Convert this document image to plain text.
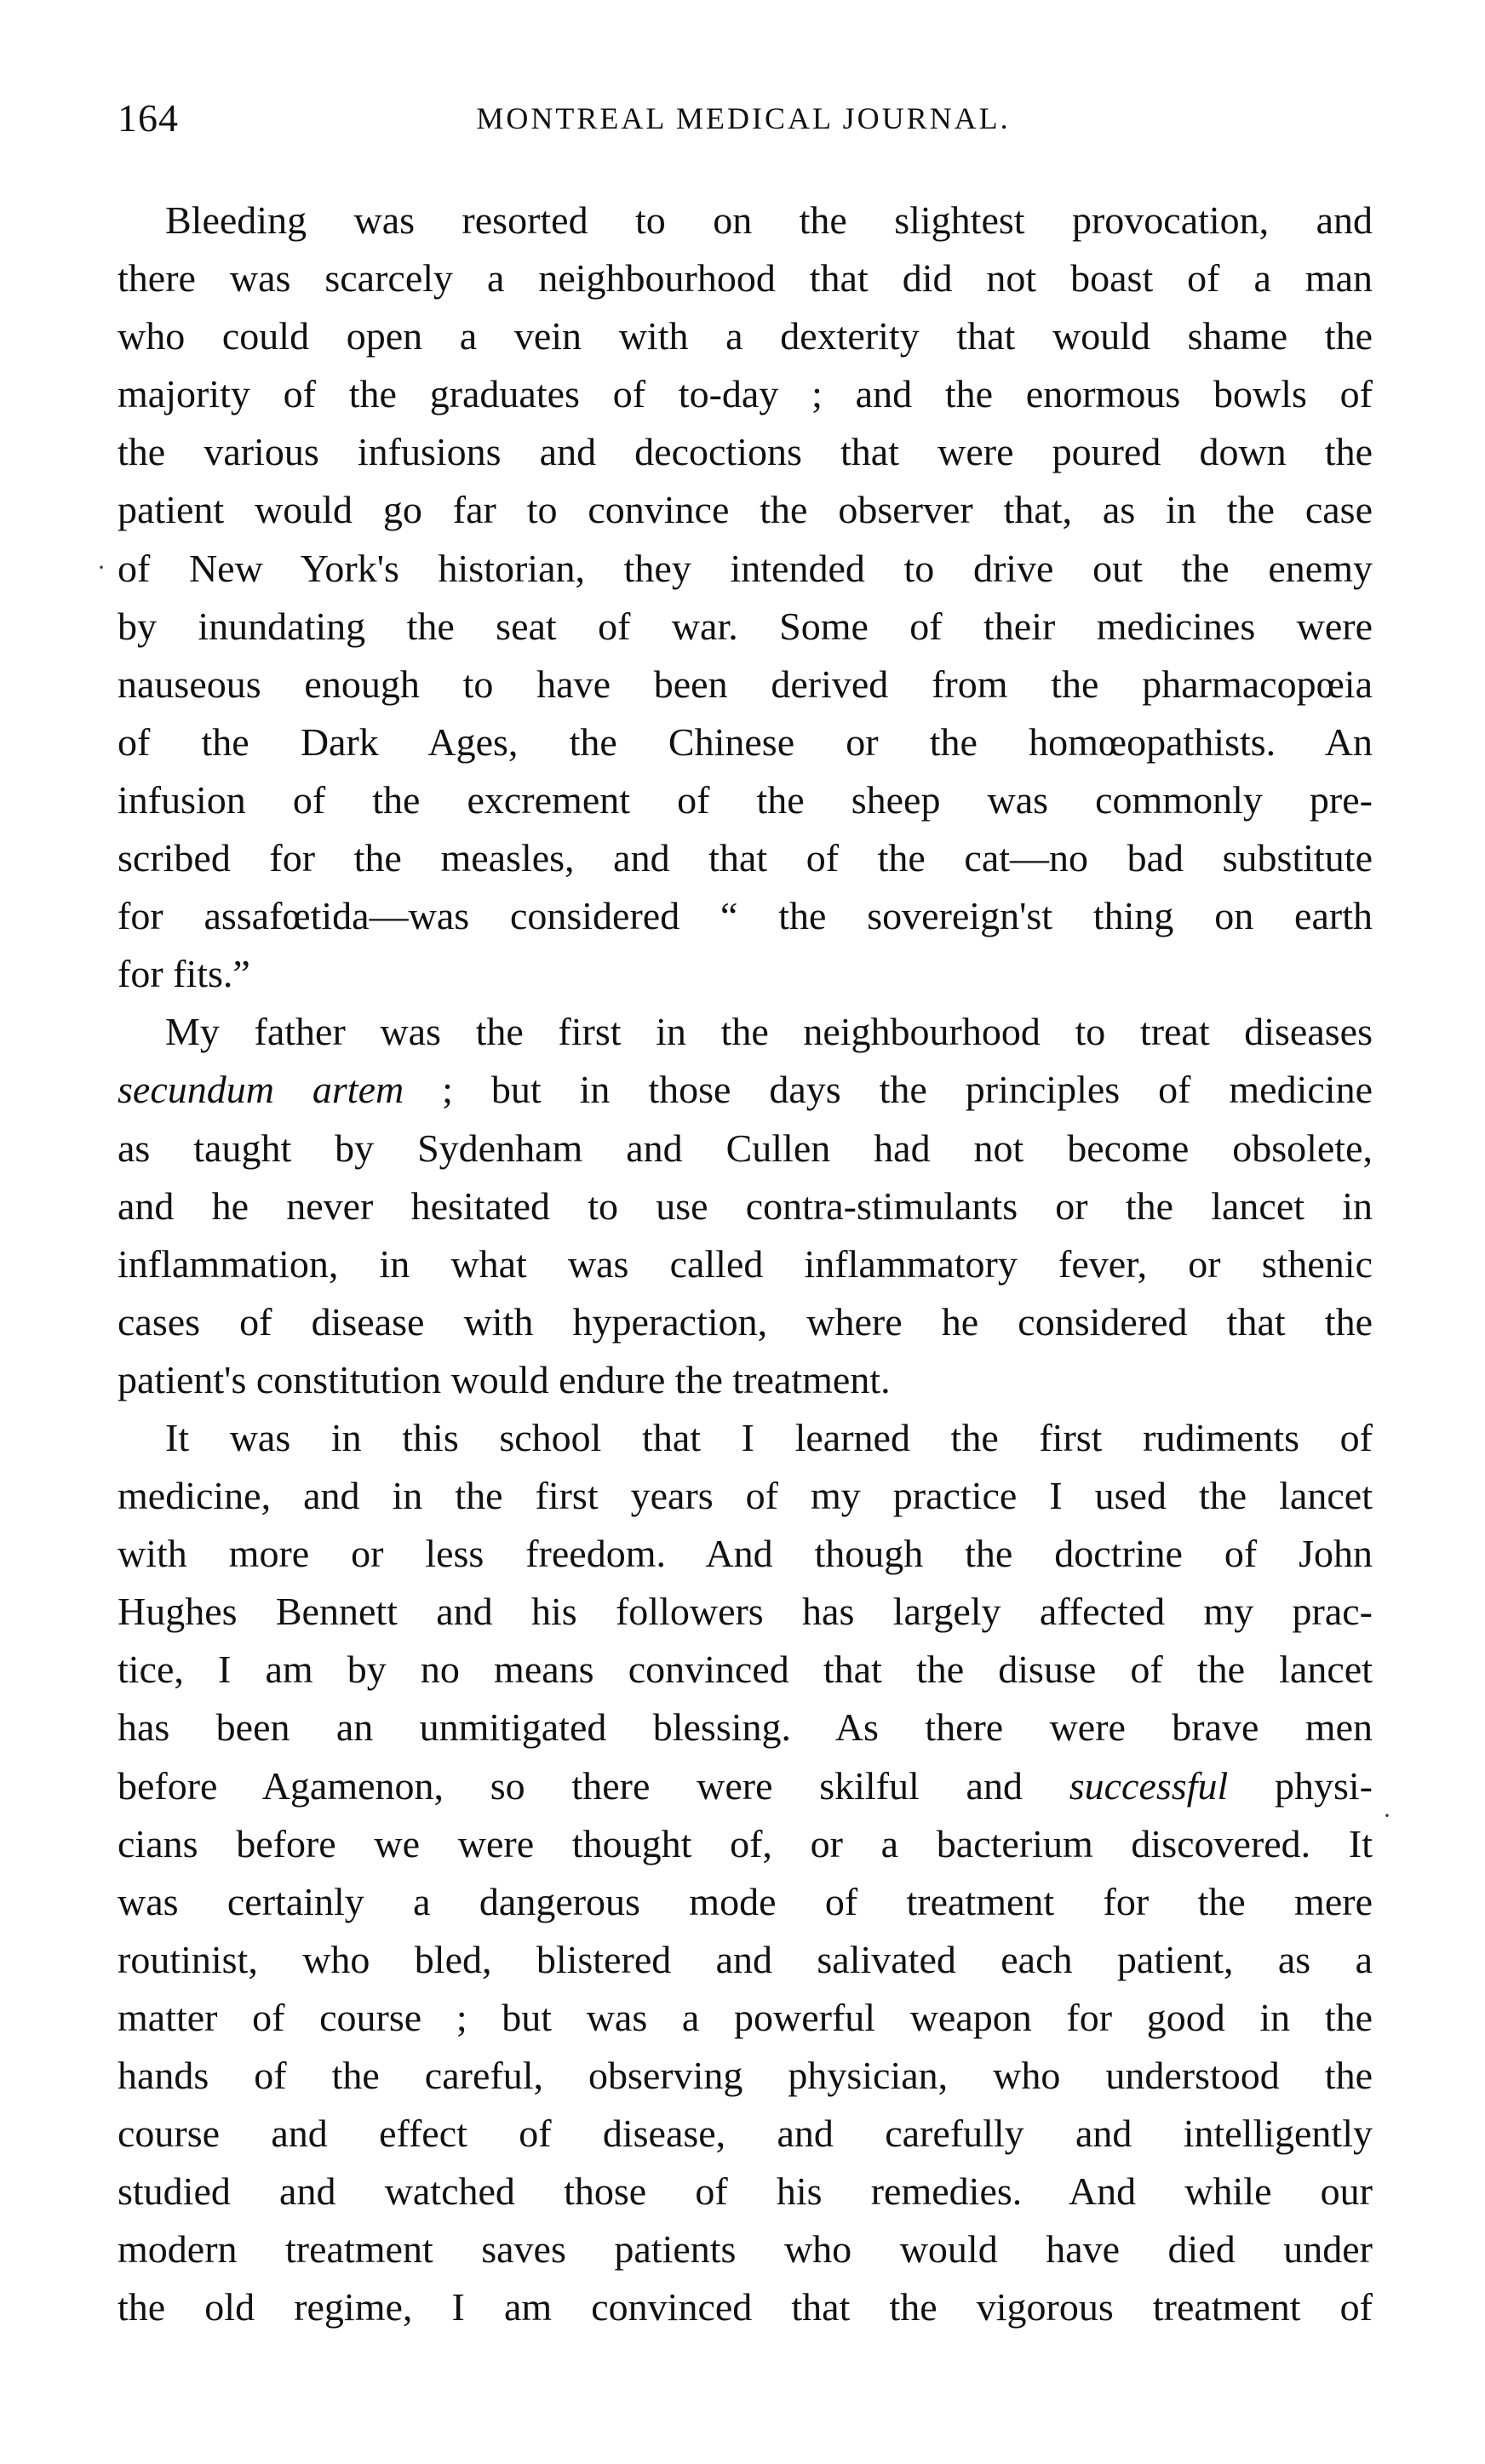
164	MONTREAL MEDICAL JOURNAL.
Bleeding was resorted to on the slightest provocation, and
there was scarcely a neighbourhood that did not boast of a man
who could open a vein with a dexterity that would shame the
majority of the graduates of to-day ; and the enormous bowls of
the various infusions and decoctions that were poured down the
patient would go far to convince the observer that, as in the case
of New York's historian, they intended to drive out the enemy
by inundating the seat of war. Some of their medicines were
nauseous enough to have been derived from the pharmacopœia
of the Dark Ages, the Chinese or the homœopathists. An
infusion of the excrement of the sheep was commonly pre-
scribed for the measles, and that of the cat—no bad substitute
for assafœtida—was considered “ the sovereign'st thing on earth
for fits.”
My father was the first in the neighbourhood to treat diseases
secundum artem ; but in those days the principles of medicine
as taught by Sydenham and Cullen had not become obsolete,
and he never hesitated to use contra-stimulants or the lancet in
inflammation, in what was called inflammatory fever, or sthenic
cases of disease with hyperaction, where he considered that the
patient's constitution would endure the treatment.
It was in this school that I learned the first rudiments of
medicine, and in the first years of my practice I used the lancet
with more or less freedom. And though the doctrine of John
Hughes Bennett and his followers has largely affected my prac-
tice, I am by no means convinced that the disuse of the lancet
has been an unmitigated blessing. As there were brave men
before Agamenon, so there were skilful and successful physi-
cians before we were thought of, or a bacterium discovered. It
was certainly a dangerous mode of treatment for the mere
routinist, who bled, blistered and salivated each patient, as a
matter of course ; but was a powerful weapon for good in the
hands of the careful, observing physician, who understood the
course and effect of disease, and carefully and intelligently
studied and watched those of his remedies. And while our
modern treatment saves patients who would have died under
the old regime, I am convinced that the vigorous treatment of
·
·
